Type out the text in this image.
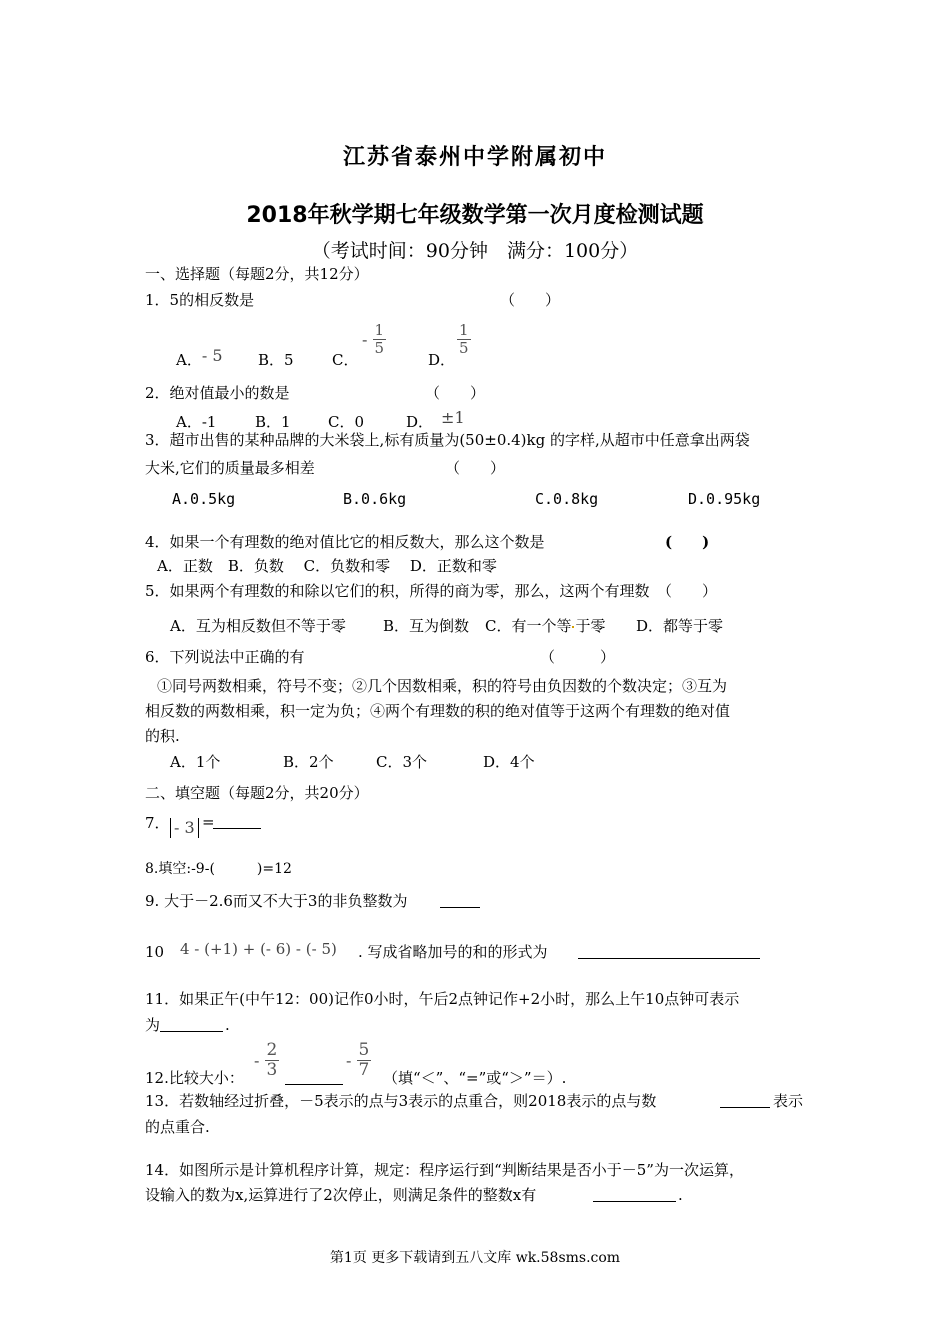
江苏省泰州中学附属初中
2018年秋学期七年级数学第一次月度检测试题
（考试时间：90分钟　满分：100分）
一、选择题（每题2分，共12分）
1．5的相反数是	（　　）
A．- 5 B．5	C．
- $\frac{1}{5}$
D．
$\frac{1}{5}$
2．绝对值最小的数是	（　　）
A．-1	B．1 C．0	D． ±1
3．超市出售的某种品牌的大米袋上,标有质量为(50±0.4)kg 的字样,从超市中任意拿出两袋
大米,它们的质量最多相差	（　　）
A.0.5kg	B.0.6kg	C.0.8kg	D.0.95kg
4．如果一个有理数的绝对值比它的相反数大，那么这个数是	(　　)
A．正数　B．负数　 C．负数和零　 D．正数和零
5．如果两个有理数的和除以它们的积，所得的商为零，那么，这两个有理数　（　　）
A．互为相反数但不等于零 B．互为倒数 C．有一个等 于零 D．都等于零
6．下列说法中正确的有	（　　　）
①同号两数相乘，符号不变；②几个因数相乘，积的符号由负因数的个数决定；③互为
相反数的两数相乘，积一定为负；④两个有理数的积的绝对值等于这两个有理数的绝对值
的积.
A．1个	B．2个	C．3个	D．4个
二、填空题（每题2分，共20分）
7． - 3 =
8.填空:-9-(　　　)=12
9. 大于－2.6而又不大于3的非负整数为
10 4 - (+1) + (- 6) - (- 5) . 写成省略加号的和的形式为
11．如果正午(中午12：00)记作0小时，午后2点钟记作+2小时，那么上午10点钟可表示
为	.
12.比较大小：
- $\frac{2}{3}$	- $\frac{5}{7}$ （填“＜”、“=”或“＞”＝）.
13．若数轴经过折叠，－5表示的点与3表示的点重合，则2018表示的点与数	表示
的点重合.
14．如图所示是计算机程序计算，规定：程序运行到“判断结果是否小于－5”为一次运算，
设输入的数为x,运算进行了2次停止，则满足条件的整数x有	.
第1页 更多下载请到五八文库 wk.58sms.com
